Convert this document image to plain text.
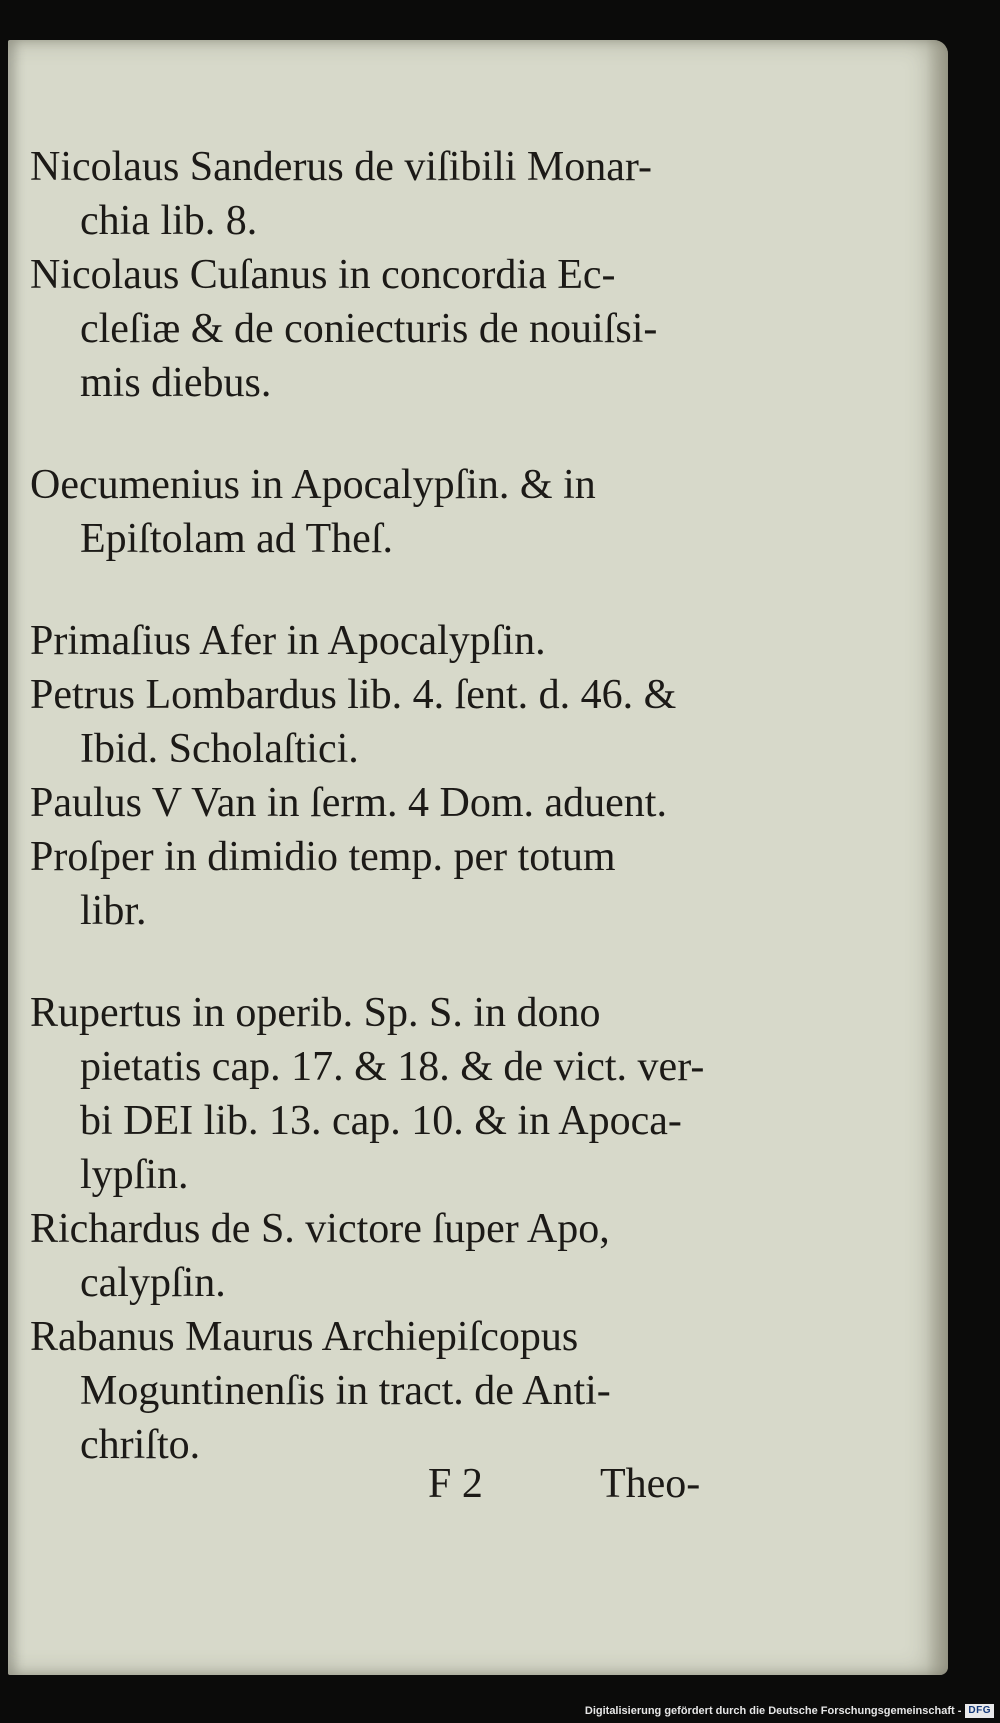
Nicolaus Sanderus de viſibili Monar-
chia lib. 8.
Nicolaus Cuſanus in concordia Ec-
cleſiæ & de coniecturis de nouiſsi-
mis diebus.
Oecumenius in Apocalypſin. & in
Epiſtolam ad Theſ.
Primaſius Afer in Apocalypſin.
Petrus Lombardus lib. 4. ſent. d. 46. &
Ibid. Scholaſtici.
Paulus V Van in ſerm. 4 Dom. aduent.
Proſper in dimidio temp. per totum
libr.
Rupertus in operib. Sp. S. in dono
pietatis cap. 17. & 18. & de vict. ver-
bi DEI lib. 13. cap. 10. & in Apoca-
lypſin.
Richardus de S. victore ſuper Apo,
calypſin.
Rabanus Maurus Archiepiſcopus
Moguntinenſis in tract. de Anti-
chriſto.
F 2	Theo-
Digitalisierung gefördert durch die Deutsche Forschungsgemeinschaft - DFG
